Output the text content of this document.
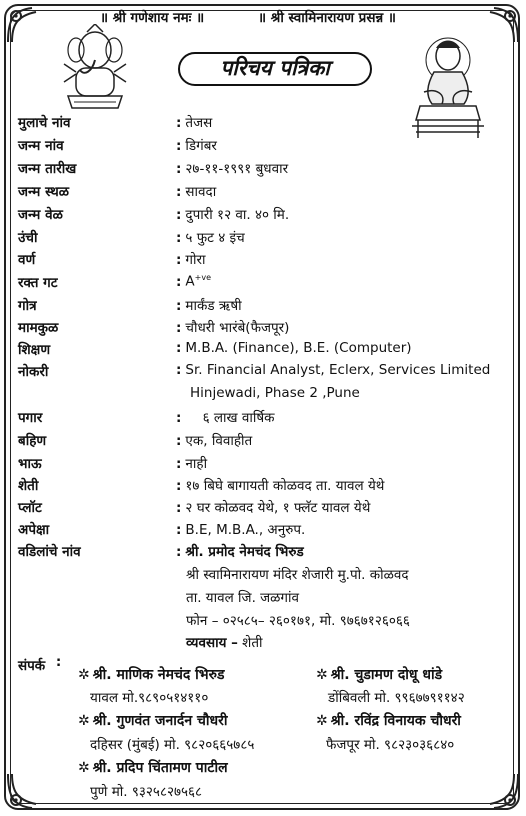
॥ श्री गणेशाय नमः ॥	॥ श्री स्वामिनारायण प्रसन्न ॥
परिचय पत्रिका
मुलाचे नांव	: तेजस
जन्म नांव	: डिगंबर
जन्म तारीख	: २७-११-१९९१ बुधवार
जन्म स्थळ	: सावदा
जन्म वेळ	: दुपारी १२ वा. ४० मि.
उंची	: ५ फुट ४ इंच
वर्ण	: गोरा
रक्त गट	: $A^{+ve}$
गोत्र	: मार्कंड ऋषी
मामकुळ	: चौधरी भारंबे(फैजपूर)
शिक्षण	: M.B.A. (Finance), B.E. (Computer)
नोकरी	: Sr. Financial Analyst, Eclerx, Services Limited
Hinjewadi, Phase 2 ,Pune
पगार	: ६ लाख वार्षिक
बहिण	: एक, विवाहीत
भाऊ	: नाही
शेती	: १७ बिघे बागायती कोळवद ता. यावल येथे
प्लॉट	: २ घर कोळवद येथे, १ फ्लॅट यावल येथे
अपेक्षा	: B.E, M.B.A., अनुरुप.
वडिलांचे नांव	: श्री. प्रमोद नेमचंद भिरुड
श्री स्वामिनारायण मंदिर शेजारी मु.पो. कोळवद
ता. यावल जि. जळगांव
फोन – ०२५८५– २६०१७१, मो. ९७६७१२६०६६
व्यवसाय – शेती
संपर्क :
✲ श्री. माणिक नेमचंद भिरुड
यावल मो.९८९०५१४११०
✲ श्री. चुडामण दोधू धांडे
डोंबिवली मो. ९९६७७९११४२
✲ श्री. गुणवंत जनार्दन चौधरी
दहिसर (मुंबई) मो. ९८२०६६५७८५
✲ श्री. रविंद्र विनायक चौधरी
फैजपूर मो. ९८२३०३६८४०
✲ श्री. प्रदिप चिंतामण पाटील
पुणे मो. ९३२५८२७५६८
